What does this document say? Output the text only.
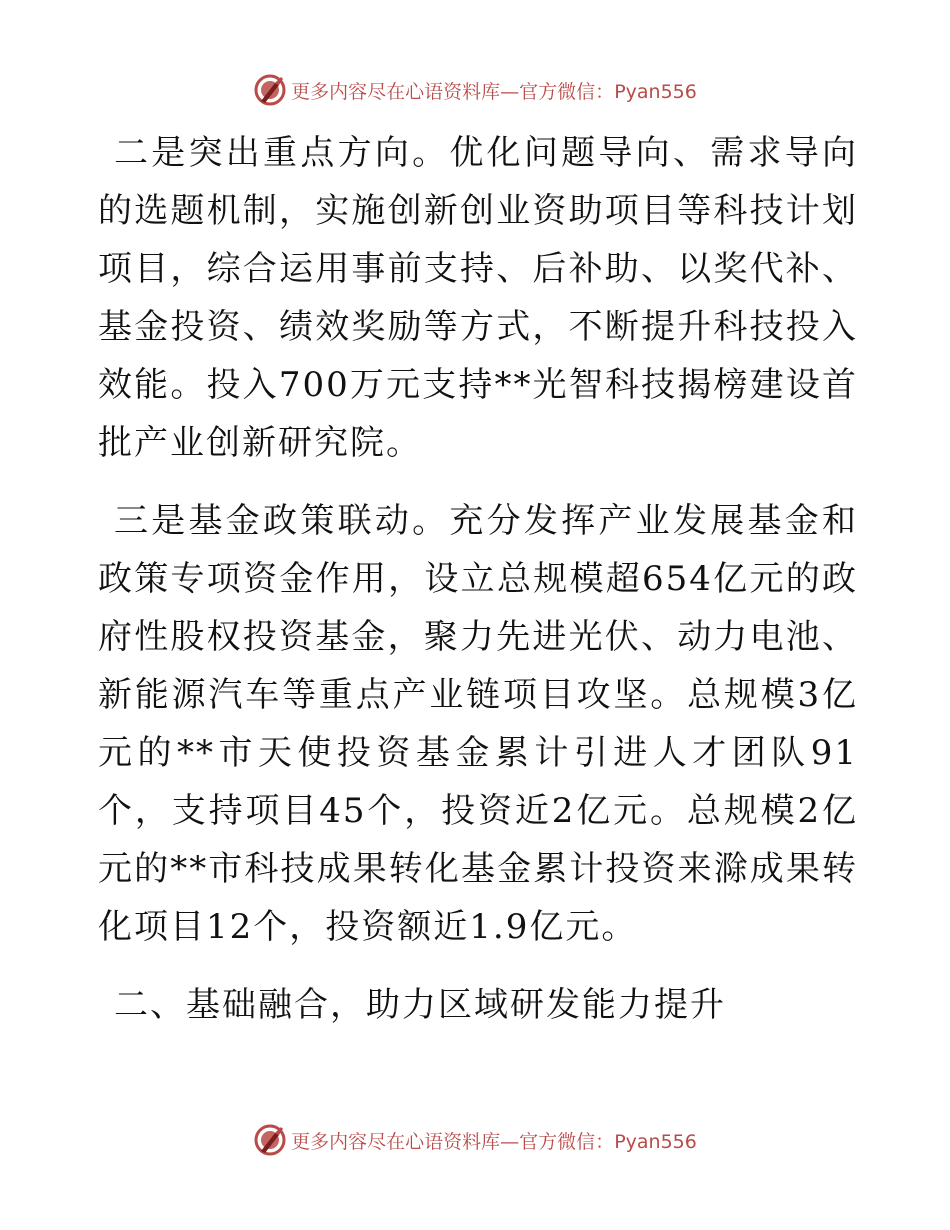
更多内容尽在心语资料库—官方微信：Pyan556

二是突出重点方向。优化问题导向、需求导向的选题机制，实施创新创业资助项目等科技计划项目，综合运用事前支持、后补助、以奖代补、基金投资、绩效奖励等方式，不断提升科技投入效能。投入700万元支持**光智科技揭榜建设首批产业创新研究院。

三是基金政策联动。充分发挥产业发展基金和政策专项资金作用，设立总规模超654亿元的政府性股权投资基金，聚力先进光伏、动力电池、新能源汽车等重点产业链项目攻坚。总规模3亿元的**市天使投资基金累计引进人才团队91个，支持项目45个，投资近2亿元。总规模2亿元的**市科技成果转化基金累计投资来滁成果转化项目12个，投资额近1.9亿元。

二、基础融合，助力区域研发能力提升

更多内容尽在心语资料库—官方微信：Pyan556
